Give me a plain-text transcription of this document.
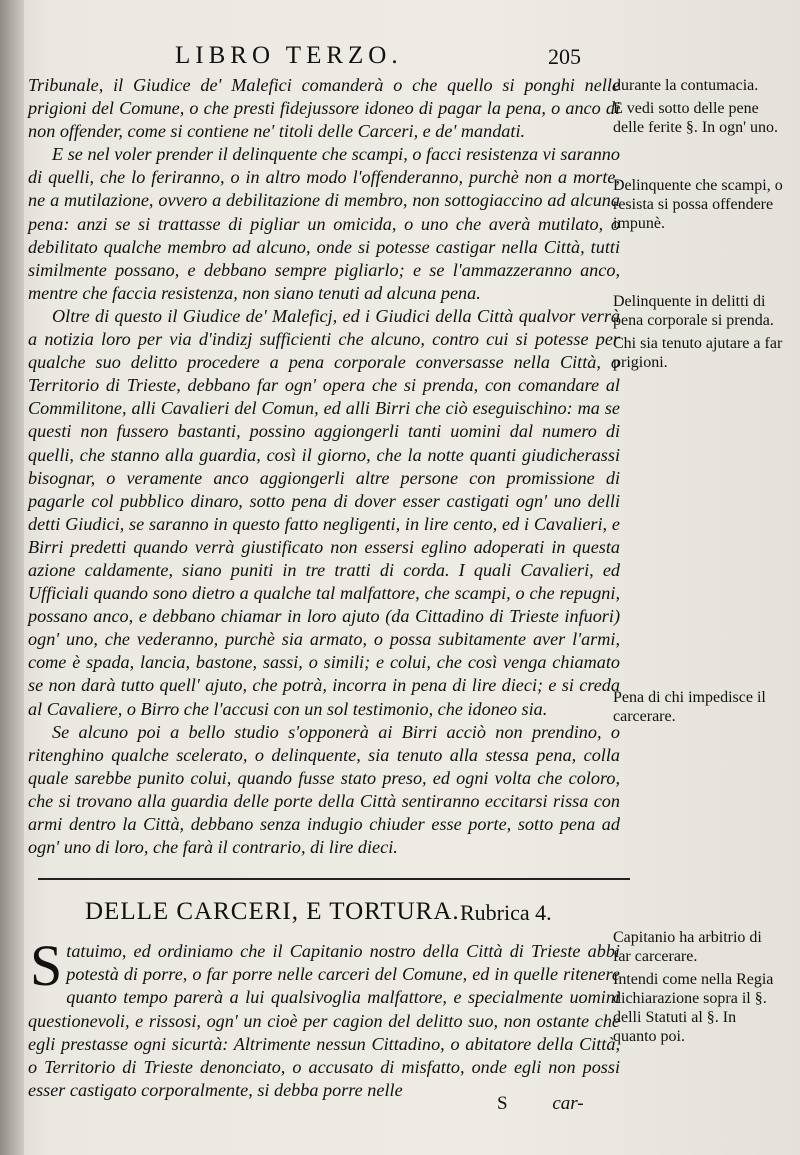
LIBRO TERZO.	205

Tribunale, il Giudice de' Malefici comanderà o che quello si ponghi nelle prigioni del Comune, o che presti fidejussore idoneo di pagar la pena, o anco di non offender, come si contiene ne' titoli delle Carceri, e de' mandati.

E se nel voler prender il delinquente che scampi, o facci resistenza vi saranno di quelli, che lo feriranno, o in altro modo l'offenderanno, purchè non a morte, ne a mutilazione, ovvero a debilitazione di membro, non sottogiaccino ad alcuna pena: anzi se si trattasse di pigliar un omicida, o uno che averà mutilato, o debilitato qualche membro ad alcuno, onde si potesse castigar nella Città, tutti similmente possano, e debbano sempre pigliarlo; e se l'ammazzeranno anco, mentre che faccia resistenza, non siano tenuti ad alcuna pena.

Oltre di questo il Giudice de' Maleficj, ed i Giudici della Città qualvor verrà a notizia loro per via d'indizj sufficienti che alcuno, contro cui si potesse per qualche suo delitto procedere a pena corporale conversasse nella Città, o Territorio di Trieste, debbano far ogn' opera che si prenda, con comandare al Commilitone, alli Cavalieri del Comun, ed alli Birri che ciò eseguischino: ma se questi non fussero bastanti, possino aggiongerli tanti uomini dal numero di quelli, che stanno alla guardia, così il giorno, che la notte quanti giudicherassi bisognar, o veramente anco aggiongerli altre persone con promissione di pagarle col pubblico dinaro, sotto pena di dover esser castigati ogn' uno delli detti Giudici, se saranno in questo fatto negligenti, in lire cento, ed i Cavalieri, e Birri predetti quando verrà giustificato non essersi eglino adoperati in questa azione caldamente, siano puniti in tre tratti di corda. I quali Cavalieri, ed Ufficiali quando sono dietro a qualche tal malfattore, che scampi, o che repugni, possano anco, e debbano chiamar in loro ajuto (da Cittadino di Trieste infuori) ogn' uno, che vederanno, purchè sia armato, o possa subitamente aver l'armi, come è spada, lancia, bastone, sassi, o simili; e colui, che così venga chiamato se non darà tutto quell' ajuto, che potrà, incorra in pena di lire dieci; e si creda al Cavaliere, o Birro che l'accusi con un sol testimonio, che idoneo sia.

Se alcuno poi a bello studio s'opponerà ai Birri acciò non prendino, o ritenghino qualche scelerato, o delinquente, sia tenuto alla stessa pena, colla quale sarebbe punito colui, quando fusse stato preso, ed ogni volta che coloro, che si trovano alla guardia delle porte della Città sentiranno eccitarsi rissa con armi dentro la Città, debbano senza indugio chiuder esse porte, sotto pena ad ogn' uno di loro, che farà il contrario, di lire dieci.

durante la contumacia.

E vedi sotto delle pene delle ferite §. In ogn' uno.

Delinquente che scampi, o resista si possa offendere impunè.

Delinquente in delitti di pena corporale si prenda.

Chi sia tenuto ajutare a far prigioni.

Pena di chi impedisce il carcerare.

DELLE CARCERI, E TORTURA. Rubrica 4.

Statuimo, ed ordiniamo che il Capitanio nostro della Città di Trieste abbi potestà di porre, o far porre nelle carceri del Comune, ed in quelle ritenere quanto tempo parerà a lui qualsivoglia malfattore, e specialmente uomini questionevoli, e rissosi, ogn' un cioè per cagion del delitto suo, non ostante che egli prestasse ogni sicurtà: Altrimente nessun Cittadino, o abitatore della Città, o Territorio di Trieste denonciato, o accusato di misfatto, onde egli non possi esser castigato corporalmente, si debba porre nelle

Capitanio ha arbitrio di far carcerare.

Intendi come nella Regia dichiarazione sopra il §. delli Statuti al §. In quanto poi.

S car-
